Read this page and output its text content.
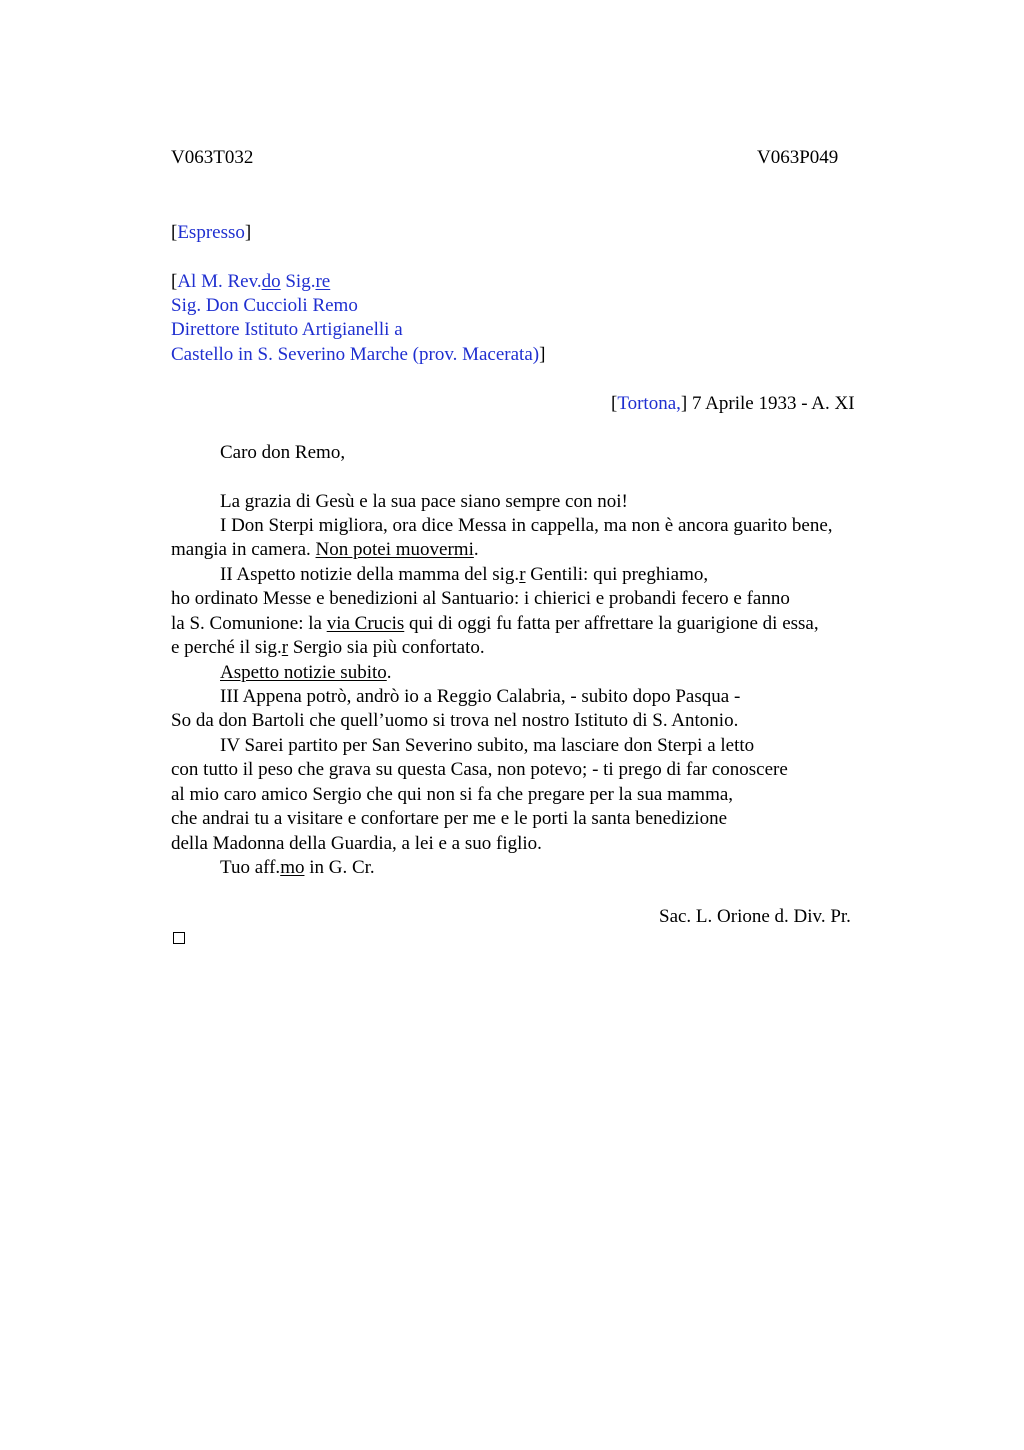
V063T032	V063P049
[Espresso]
[Al M. Rev.do Sig.re
Sig. Don Cuccioli Remo
Direttore Istituto Artigianelli a
Castello in S. Severino Marche (prov. Macerata)]
[Tortona,] 7 Aprile 1933 - A. XI
Caro don Remo,
La grazia di Gesù e la sua pace siano sempre con noi!
I Don Sterpi migliora, ora dice Messa in cappella, ma non è ancora guarito bene,
mangia in camera. Non potei muovermi.
II Aspetto notizie della mamma del sig.r Gentili: qui preghiamo,
ho ordinato Messe e benedizioni al Santuario: i chierici e probandi fecero e fanno
la S. Comunione: la via Crucis qui di oggi fu fatta per affrettare la guarigione di essa,
e perché il sig.r Sergio sia più confortato.
Aspetto notizie subito.
III Appena potrò, andrò io a Reggio Calabria, - subito dopo Pasqua -
So da don Bartoli che quell’uomo si trova nel nostro Istituto di S. Antonio.
IV Sarei partito per San Severino subito, ma lasciare don Sterpi a letto
con tutto il peso che grava su questa Casa, non potevo; - ti prego di far conoscere
al mio caro amico Sergio che qui non si fa che pregare per la sua mamma,
che andrai tu a visitare e confortare per me e le porti la santa benedizione
della Madonna della Guardia, a lei e a suo figlio.
Tuo aff.mo in G. Cr.
Sac. L. Orione d. Div. Pr.
